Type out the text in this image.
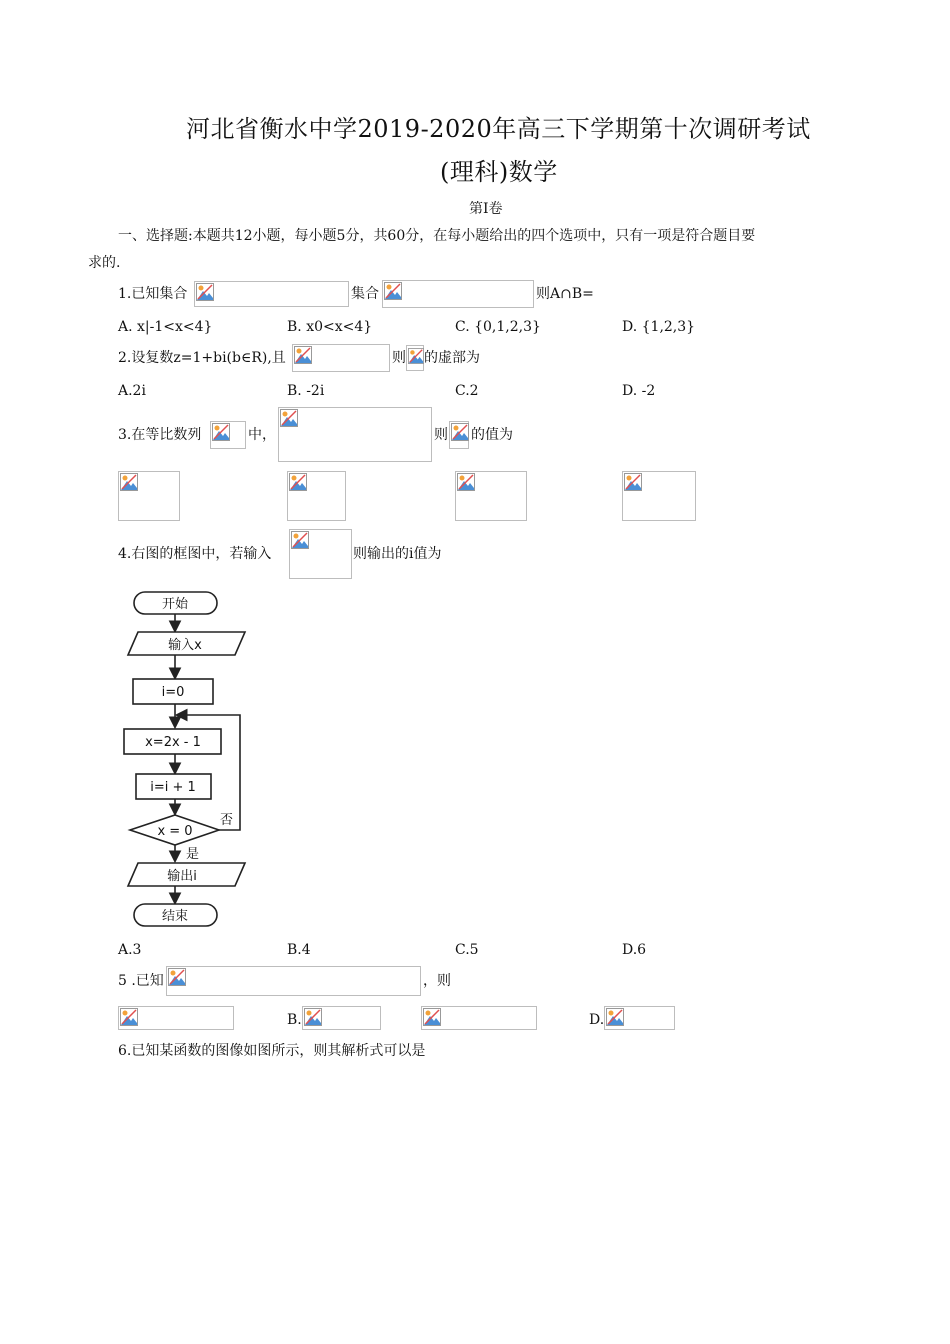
河北省衡水中学2019-2020年高三下学期第十次调研考试
(理科)数学
第I卷
一、选择题:本题共12小题，每小题5分，共60分，在每小题给出的四个选项中，只有一项是符合题目要
求的.
1.已知集合	集合	则A∩B=
A. x|-1<x<4}	B. x0<x<4}	C. {0,1,2,3}	D. {1,2,3}
2.设复数z=1+bi(b∈R),且	则 的虚部为
A.2i	B. -2i	C.2	D. -2
3.在等比数列	中，	则 的值为
4.右图的框图中，若输入	则输出的i值为
开始
输入x
i=0
x=2x - 1
i=i + 1
x = 0
否
是
输出i
结束
A.3	B.4	C.5	D.6
5 .已知	，则
B.	D.
6.已知某函数的图像如图所示，则其解析式可以是
